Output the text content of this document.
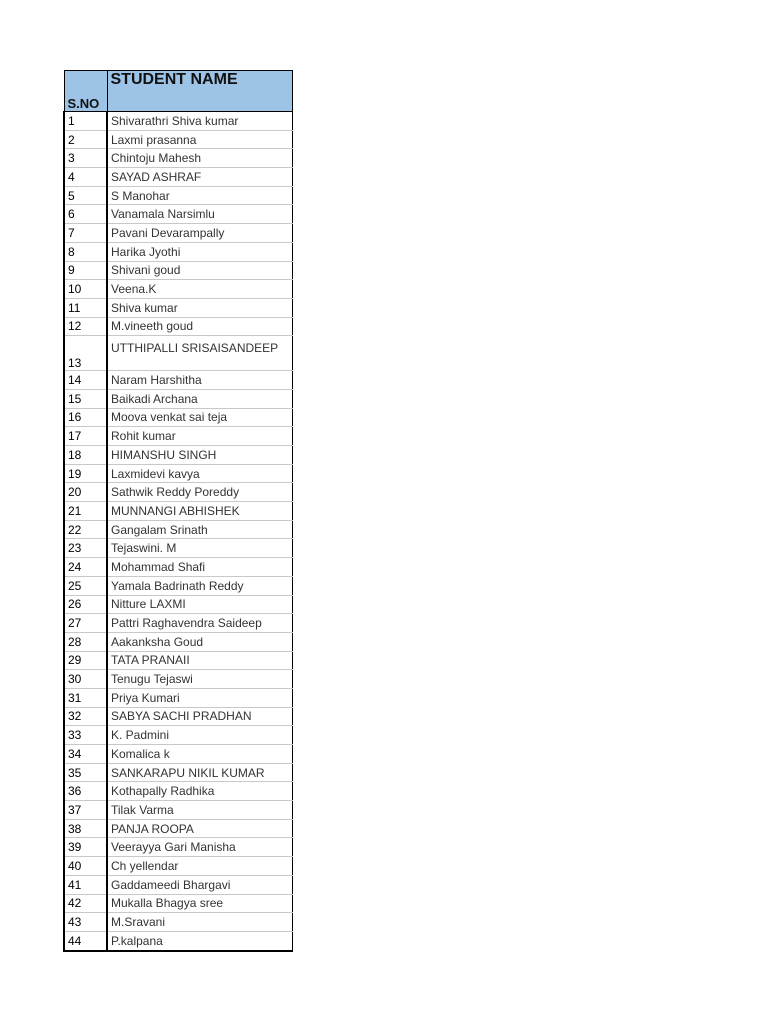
S.NO	STUDENT NAME
1	Shivarathri Shiva kumar
2	Laxmi prasanna
3	Chintoju Mahesh
4	SAYAD ASHRAF
5	S Manohar
6	Vanamala Narsimlu
7	Pavani Devarampally
8	Harika Jyothi
9	Shivani goud
10	Veena.K
11	Shiva kumar
12	M.vineeth goud
13	UTTHIPALLI SRISAISANDEEP
14	Naram Harshitha
15	Baikadi Archana
16	Moova venkat sai teja
17	Rohit kumar
18	HIMANSHU SINGH
19	Laxmidevi kavya
20	Sathwik Reddy Poreddy
21	MUNNANGI ABHISHEK
22	Gangalam Srinath
23	Tejaswini. M
24	Mohammad Shafi
25	Yamala Badrinath Reddy
26	Nitture LAXMI
27	Pattri Raghavendra Saideep
28	Aakanksha Goud
29	TATA PRANAII
30	Tenugu Tejaswi
31	Priya Kumari
32	SABYA SACHI PRADHAN
33	K. Padmini
34	Komalica k
35	SANKARAPU NIKIL KUMAR
36	Kothapally Radhika
37	Tilak Varma
38	PANJA ROOPA
39	Veerayya Gari Manisha
40	Ch yellendar
41	Gaddameedi Bhargavi
42	Mukalla Bhagya sree
43	M.Sravani
44	P.kalpana
